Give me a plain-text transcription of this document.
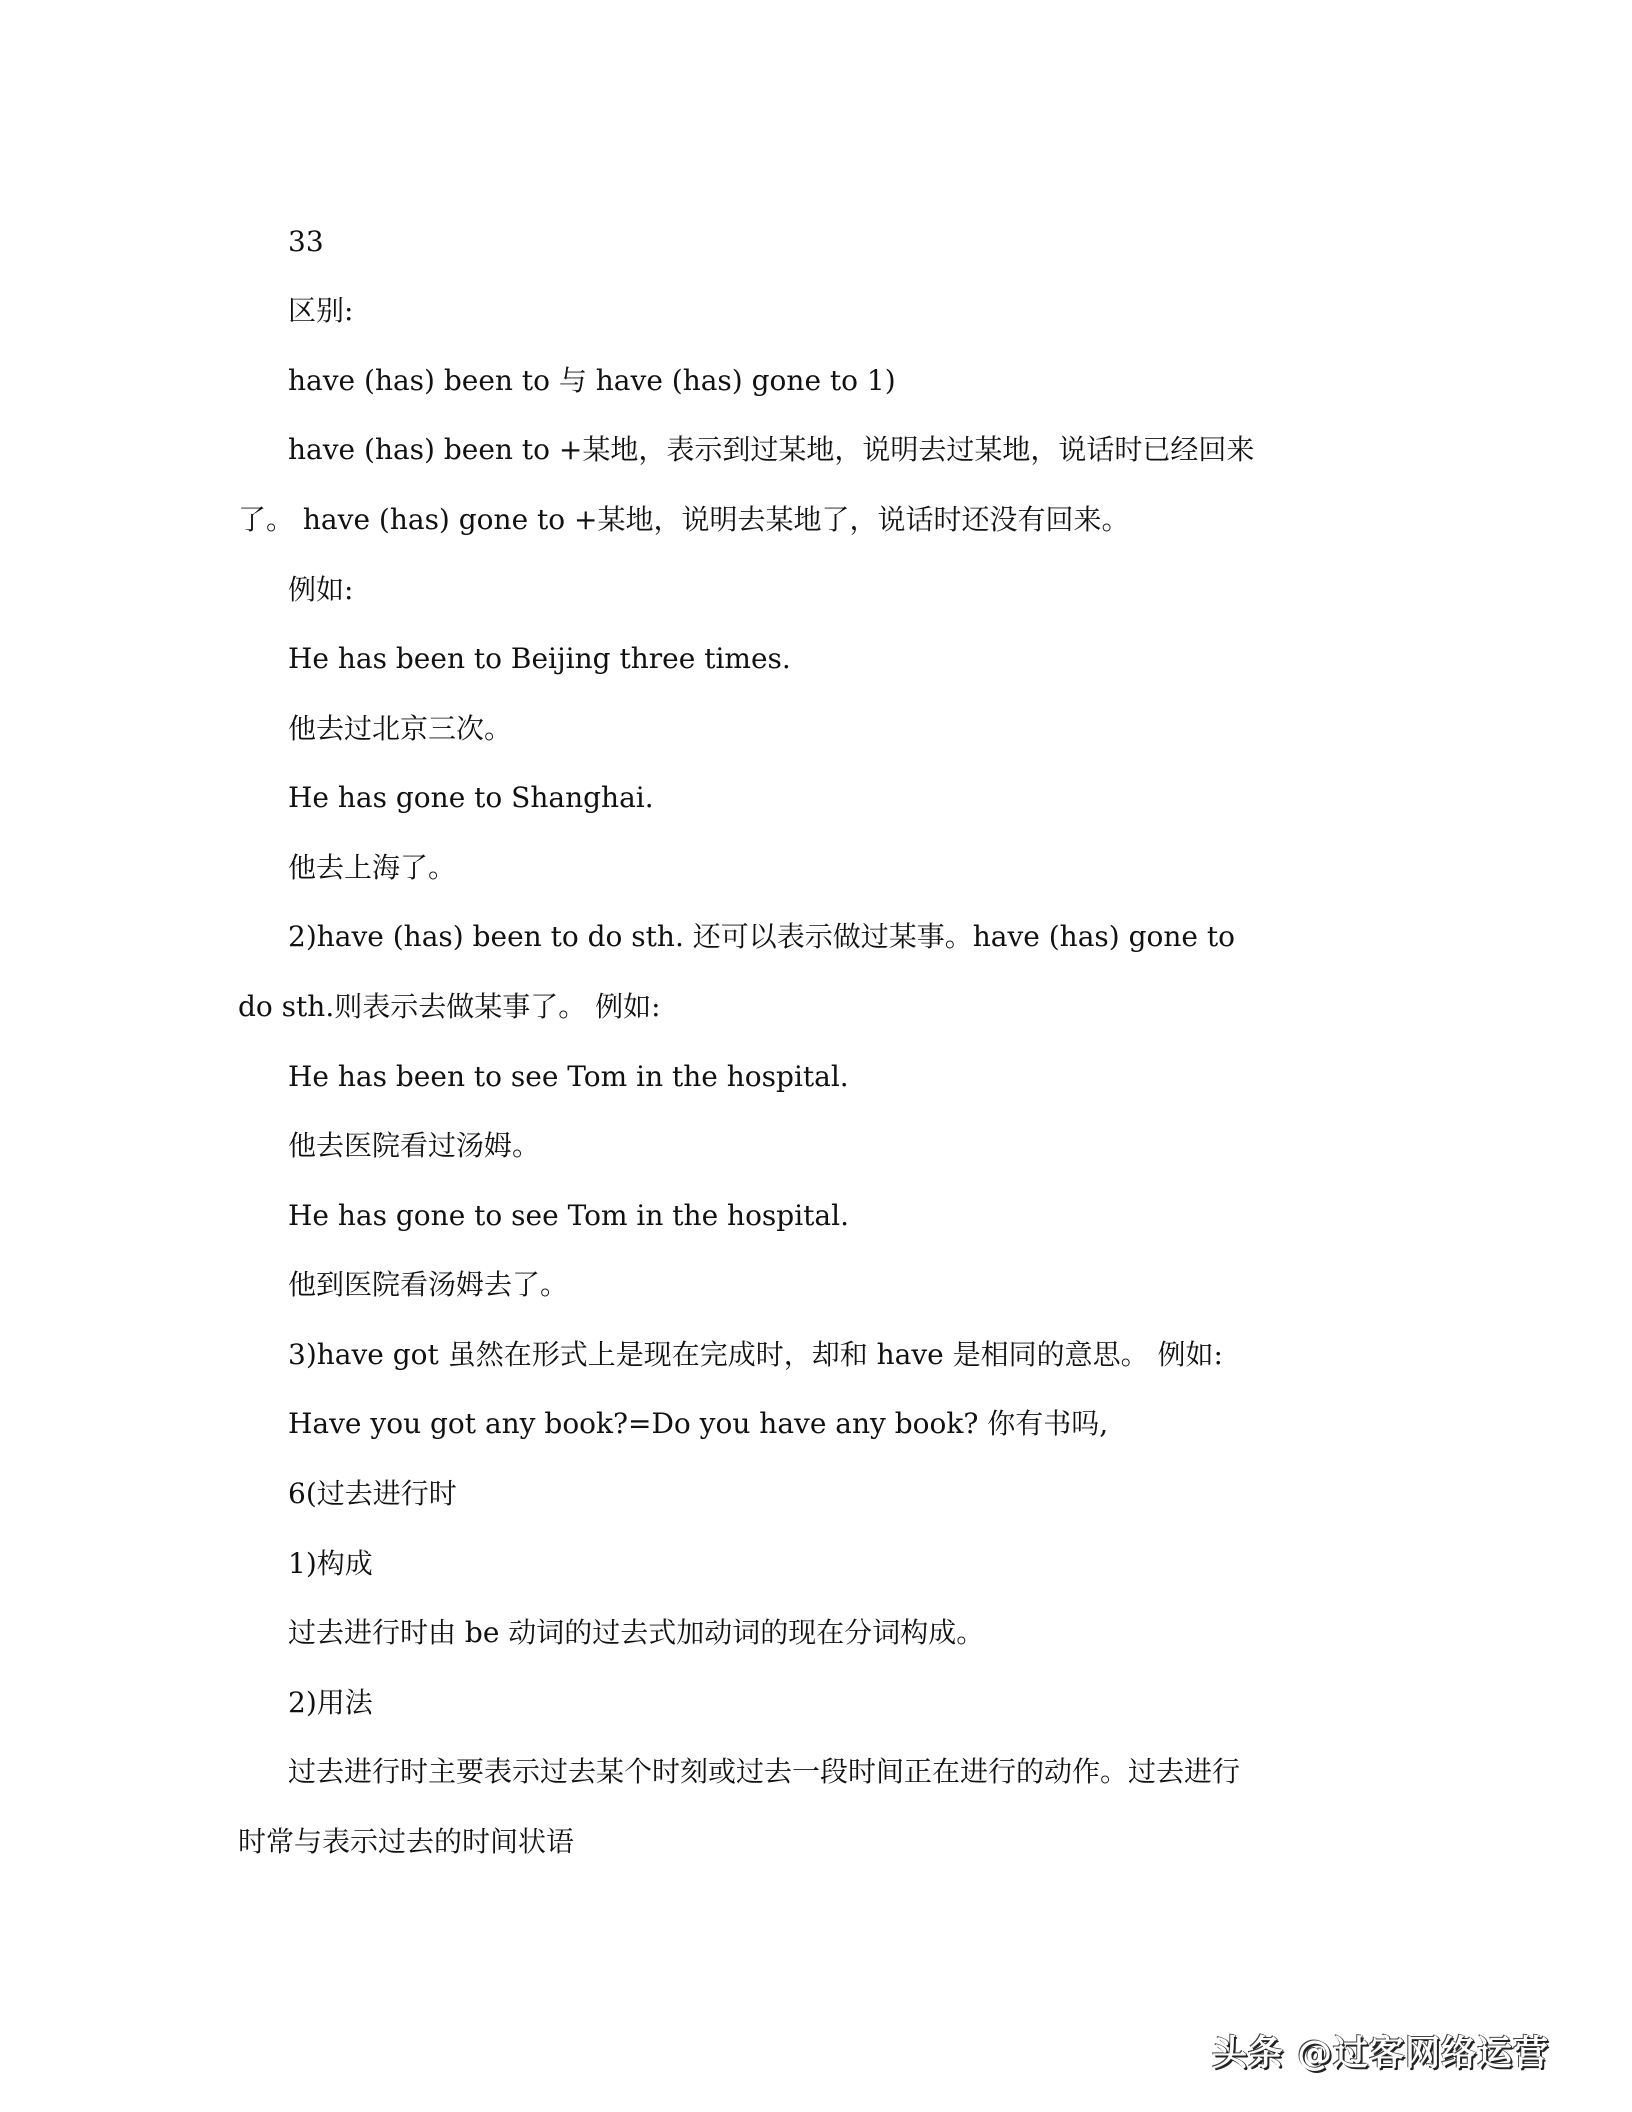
33
区别:
have (has) been to 与 have (has) gone to 1)
have (has) been to +某地，表示到过某地，说明去过某地，说话时已经回来
了。 have (has) gone to +某地，说明去某地了，说话时还没有回来。
例如:
He has been to Beijing three times.
他去过北京三次。
He has gone to Shanghai.
他去上海了。
2)have (has) been to do sth. 还可以表示做过某事。have (has) gone to
do sth.则表示去做某事了。 例如:
He has been to see Tom in the hospital.
他去医院看过汤姆。
He has gone to see Tom in the hospital.
他到医院看汤姆去了。
3)have got 虽然在形式上是现在完成时，却和 have 是相同的意思。 例如:
Have you got any book?=Do you have any book? 你有书吗,
6(过去进行时
1)构成
过去进行时由 be 动词的过去式加动词的现在分词构成。
2)用法
过去进行时主要表示过去某个时刻或过去一段时间正在进行的动作。过去进行
时常与表示过去的时间状语
头条 @过客网络运营
